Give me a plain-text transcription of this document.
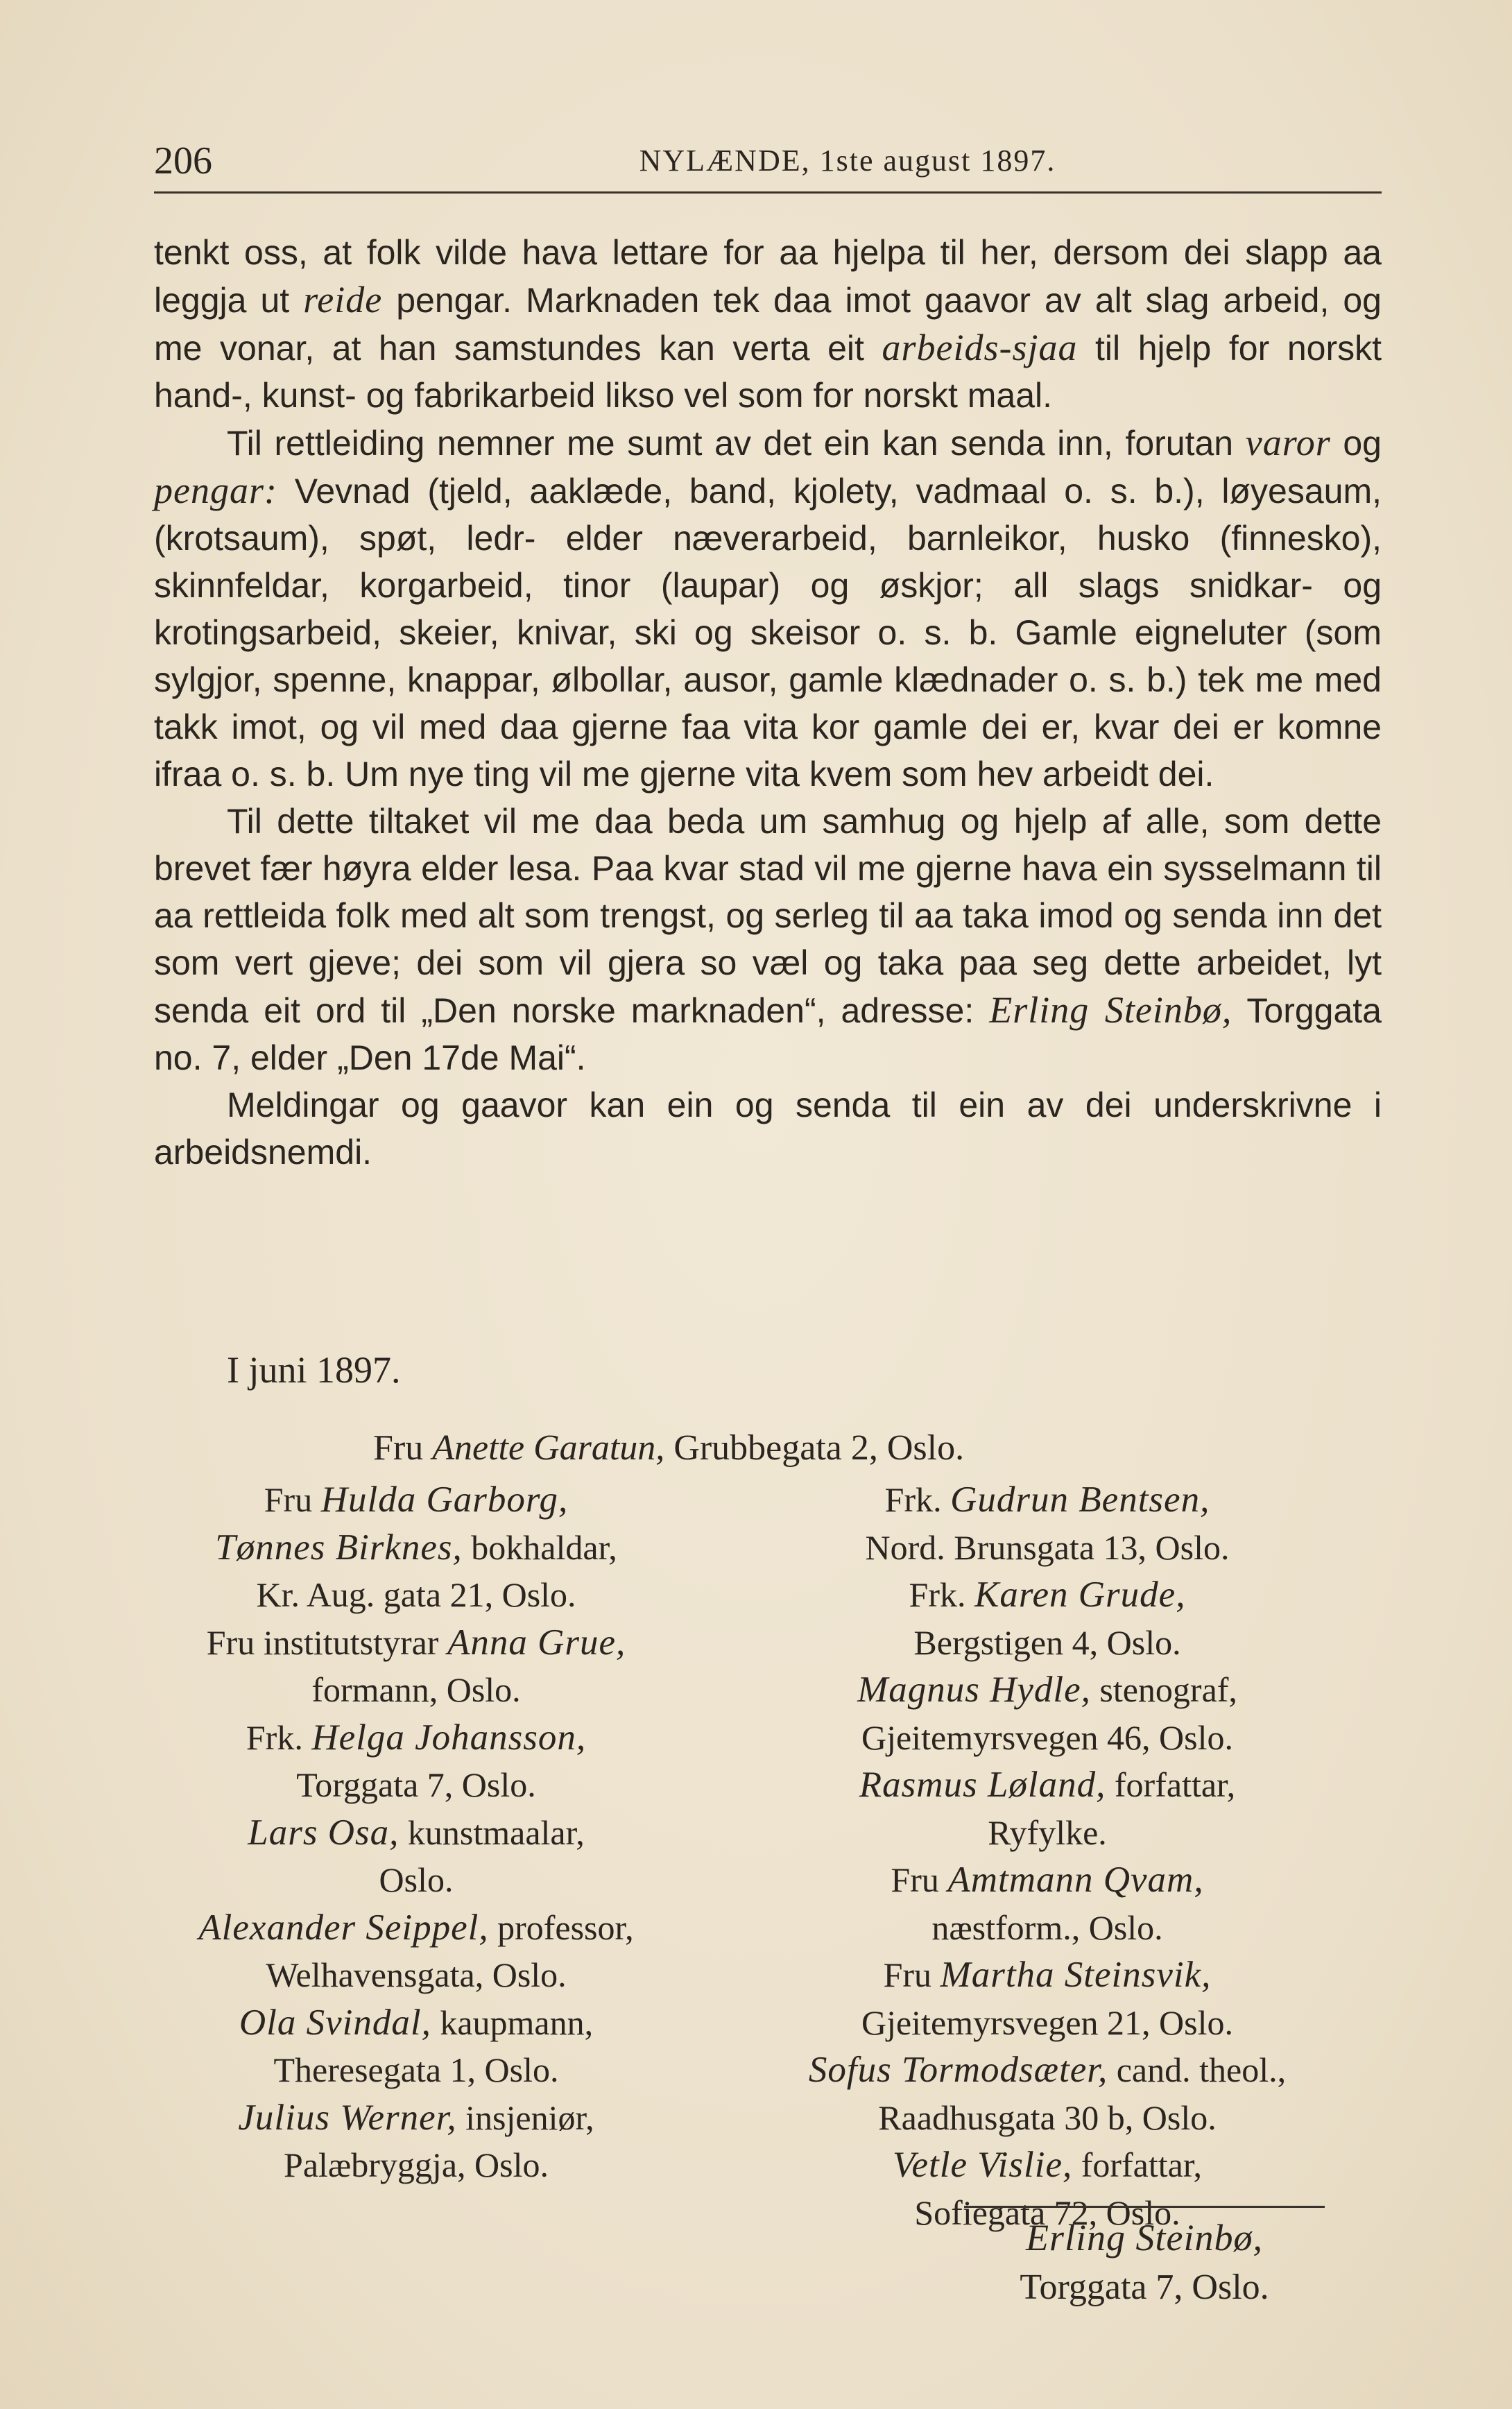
206	NYLÆNDE, 1ste august 1897.

tenkt oss, at folk vilde hava lettare for aa hjelpa til her, dersom dei slapp aa leggja ut reide pengar. Marknaden tek daa imot gaavor av alt slag arbeid, og me vonar, at han samstundes kan verta eit arbeids-sjaa til hjelp for norskt hand-, kunst- og fabrikarbeid likso vel som for norskt maal.

Til rettleiding nemner me sumt av det ein kan senda inn, forutan varor og pengar: Vevnad (tjeld, aaklæde, band, kjolety, vadmaal o. s. b.), løyesaum, (krotsaum), spøt, ledr- elder næverarbeid, barnleikor, husko (finnesko), skinnfeldar, korgarbeid, tinor (laupar) og øskjor; all slags snidkar- og krotingsarbeid, skeier, knivar, ski og skeisor o. s. b. Gamle eigneluter (som sylgjor, spenne, knappar, ølbollar, ausor, gamle klædnader o. s. b.) tek me med takk imot, og vil med daa gjerne faa vita kor gamle dei er, kvar dei er komne ifraa o. s. b. Um nye ting vil me gjerne vita kvem som hev arbeidt dei.

Til dette tiltaket vil me daa beda um samhug og hjelp af alle, som dette brevet fær høyra elder lesa. Paa kvar stad vil me gjerne hava ein sysselmann til aa rettleida folk med alt som trengst, og serleg til aa taka imod og senda inn det som vert gjeve; dei som vil gjera so væl og taka paa seg dette arbeidet, lyt senda eit ord til „Den norske marknaden“, adresse: Erling Steinbø, Torggata no. 7, elder „Den 17de Mai“.

Meldingar og gaavor kan ein og senda til ein av dei underskrivne i arbeidsnemdi.

I juni 1897.
Fru Anette Garatun, Grubbegata 2, Oslo.
Fru Hulda Garborg,
Tønnes Birknes, bokhaldar,
Kr. Aug. gata 21, Oslo.
Fru institutstyrar Anna Grue,
formann, Oslo.
Frk. Helga Johansson,
Torggata 7, Oslo.
Lars Osa, kunstmaalar,
Oslo.
Alexander Seippel, professor,
Welhavensgata, Oslo.
Ola Svindal, kaupmann,
Theresegata 1, Oslo.
Julius Werner, insjeniør,
Palæbryggja, Oslo.
Frk. Gudrun Bentsen,
Nord. Brunsgata 13, Oslo.
Frk. Karen Grude,
Bergstigen 4, Oslo.
Magnus Hydle, stenograf,
Gjeitemyrsvegen 46, Oslo.
Rasmus Løland, forfattar,
Ryfylke.
Fru Amtmann Qvam,
næstform., Oslo.
Fru Martha Steinsvik,
Gjeitemyrsvegen 21, Oslo.
Sofus Tormodsæter, cand. theol.,
Raadhusgata 30 b, Oslo.
Vetle Vislie, forfattar,
Sofiegata 72, Oslo.
Erling Steinbø,
Torggata 7, Oslo.
